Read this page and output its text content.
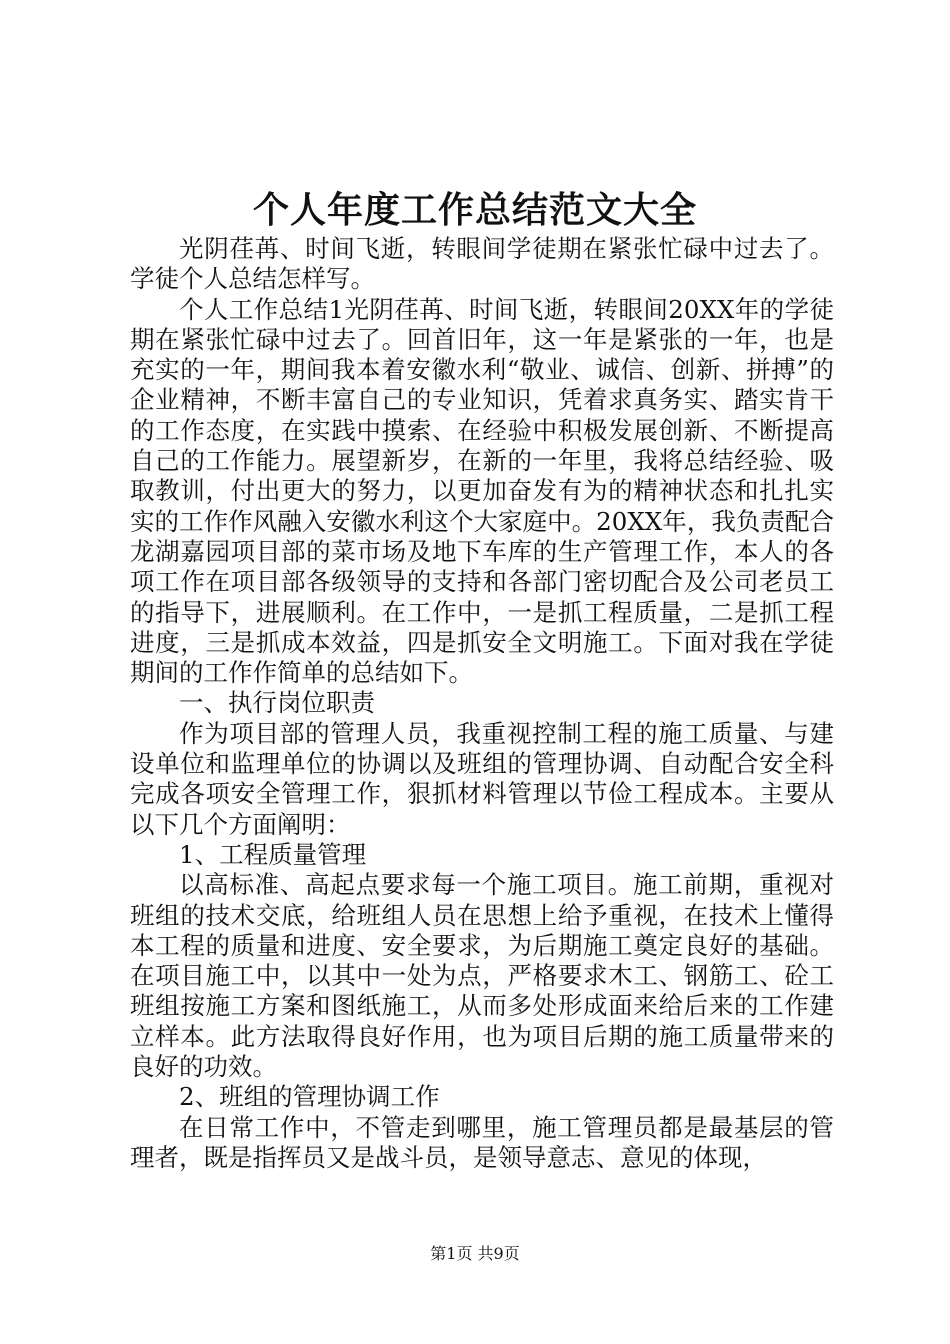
个人年度工作总结范文大全

光阴荏苒、时间飞逝，转眼间学徒期在紧张忙碌中过去了。学徒个人总结怎样写。

个人工作总结1光阴荏苒、时间飞逝，转眼间20XX年的学徒期在紧张忙碌中过去了。回首旧年，这一年是紧张的一年，也是充实的一年，期间我本着安徽水利“敬业、诚信、创新、拼搏”的企业精神，不断丰富自己的专业知识，凭着求真务实、踏实肯干的工作态度，在实践中摸索、在经验中积极发展创新、不断提高自己的工作能力。展望新岁，在新的一年里，我将总结经验、吸取教训，付出更大的努力，以更加奋发有为的精神状态和扎扎实实的工作作风融入安徽水利这个大家庭中。20XX年，我负责配合龙湖嘉园项目部的菜市场及地下车库的生产管理工作，本人的各项工作在项目部各级领导的支持和各部门密切配合及公司老员工的指导下，进展顺利。在工作中，一是抓工程质量，二是抓工程进度，三是抓成本效益，四是抓安全文明施工。下面对我在学徒期间的工作作简单的总结如下。

一、执行岗位职责

作为项目部的管理人员，我重视控制工程的施工质量、与建设单位和监理单位的协调以及班组的管理协调、自动配合安全科完成各项安全管理工作，狠抓材料管理以节俭工程成本。主要从以下几个方面阐明：

1、工程质量管理

以高标准、高起点要求每一个施工项目。施工前期，重视对班组的技术交底，给班组人员在思想上给予重视，在技术上懂得本工程的质量和进度、安全要求，为后期施工奠定良好的基础。在项目施工中，以其中一处为点，严格要求木工、钢筋工、砼工班组按施工方案和图纸施工，从而多处形成面来给后来的工作建立样本。此方法取得良好作用，也为项目后期的施工质量带来的良好的功效。

2、班组的管理协调工作

在日常工作中，不管走到哪里，施工管理员都是最基层的管理者，既是指挥员又是战斗员，是领导意志、意见的体现，

第1页 共9页
